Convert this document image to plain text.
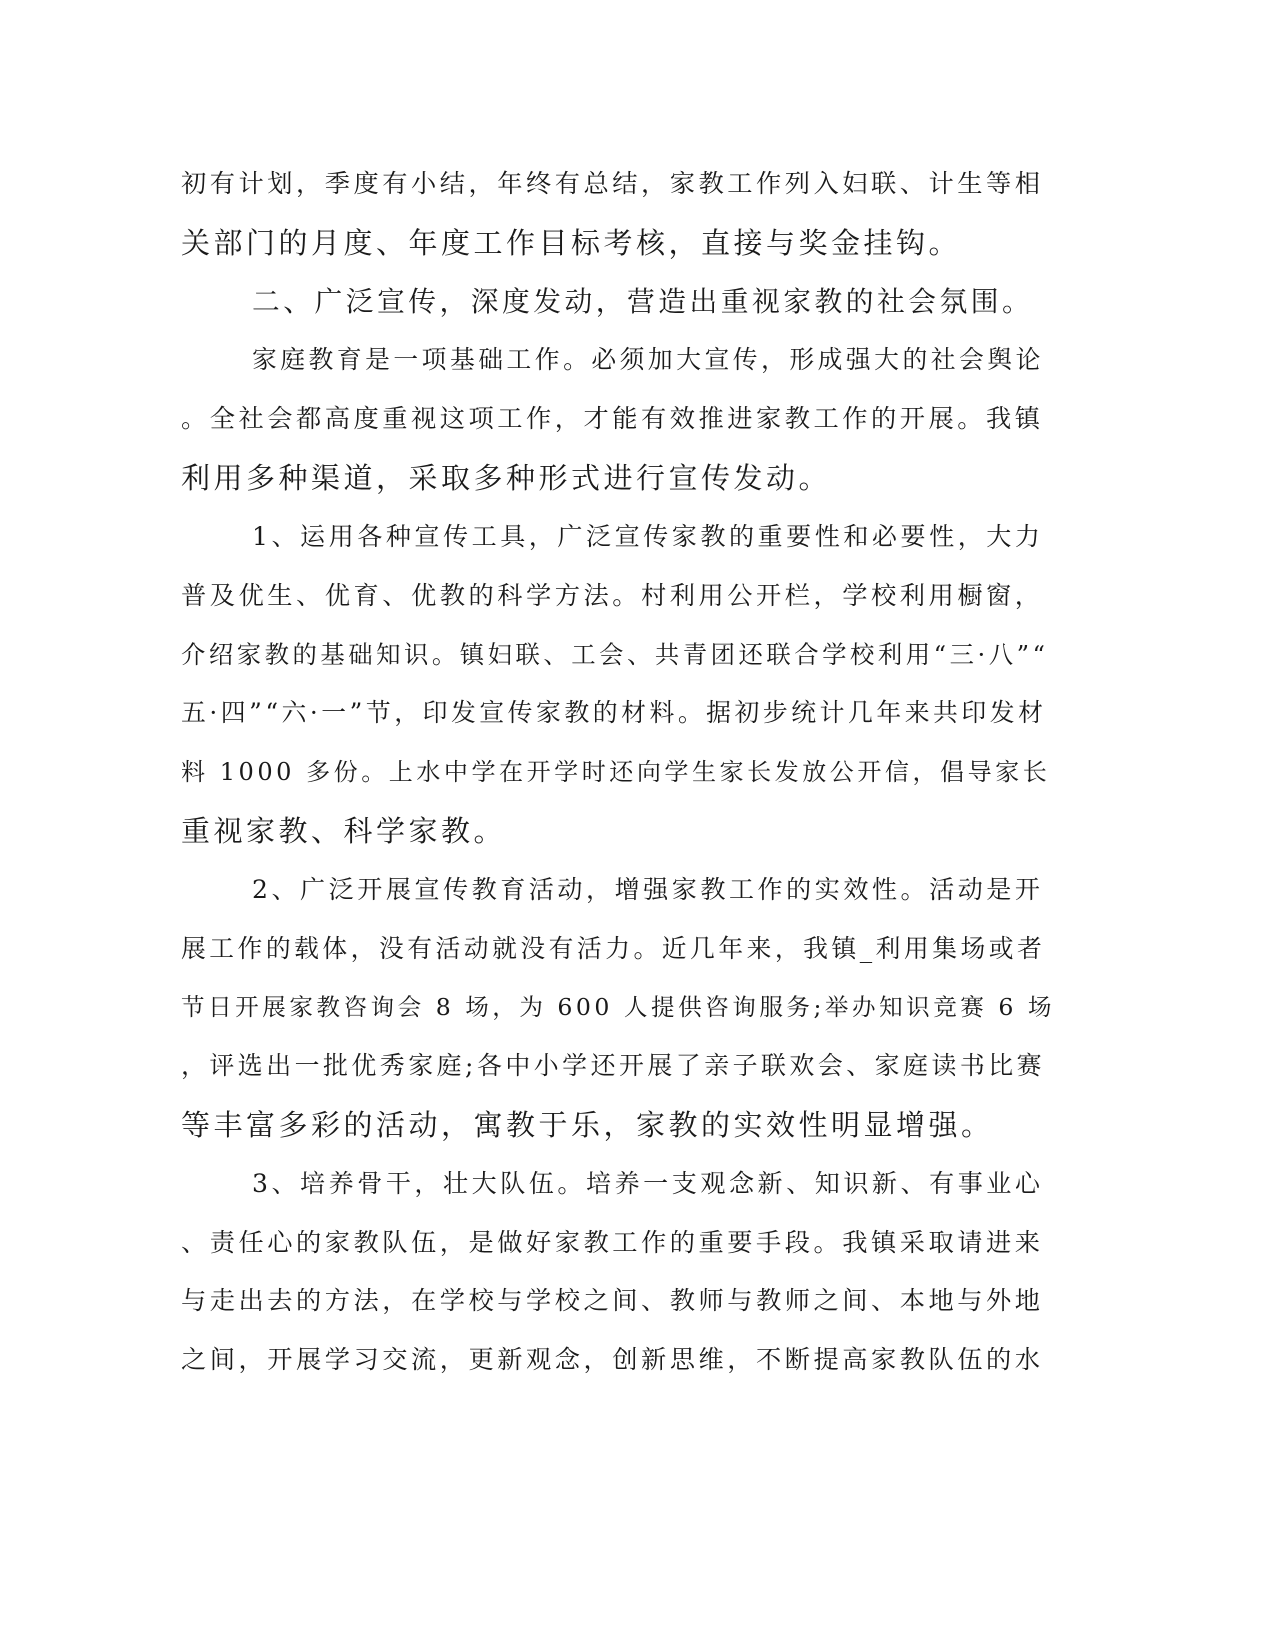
初有计划，季度有小结，年终有总结，家教工作列入妇联、计生等相
关部门的月度、年度工作目标考核，直接与奖金挂钩。
二、广泛宣传，深度发动，营造出重视家教的社会氛围。
家庭教育是一项基础工作。必须加大宣传，形成强大的社会舆论
。全社会都高度重视这项工作，才能有效推进家教工作的开展。我镇
利用多种渠道，采取多种形式进行宣传发动。
1、运用各种宣传工具，广泛宣传家教的重要性和必要性，大力
普及优生、优育、优教的科学方法。村利用公开栏，学校利用橱窗，
介绍家教的基础知识。镇妇联、工会、共青团还联合学校利用“三·八”“
五·四”“六·一”节，印发宣传家教的材料。据初步统计几年来共印发材
料 1000 多份。上水中学在开学时还向学生家长发放公开信，倡导家长
重视家教、科学家教。
2、广泛开展宣传教育活动，增强家教工作的实效性。活动是开
展工作的载体，没有活动就没有活力。近几年来，我镇_利用集场或者
节日开展家教咨询会 8 场，为 600 人提供咨询服务;举办知识竞赛 6 场
，评选出一批优秀家庭;各中小学还开展了亲子联欢会、家庭读书比赛
等丰富多彩的活动，寓教于乐，家教的实效性明显增强。
3、培养骨干，壮大队伍。培养一支观念新、知识新、有事业心
、责任心的家教队伍，是做好家教工作的重要手段。我镇采取请进来
与走出去的方法，在学校与学校之间、教师与教师之间、本地与外地
之间，开展学习交流，更新观念，创新思维，不断提高家教队伍的水
